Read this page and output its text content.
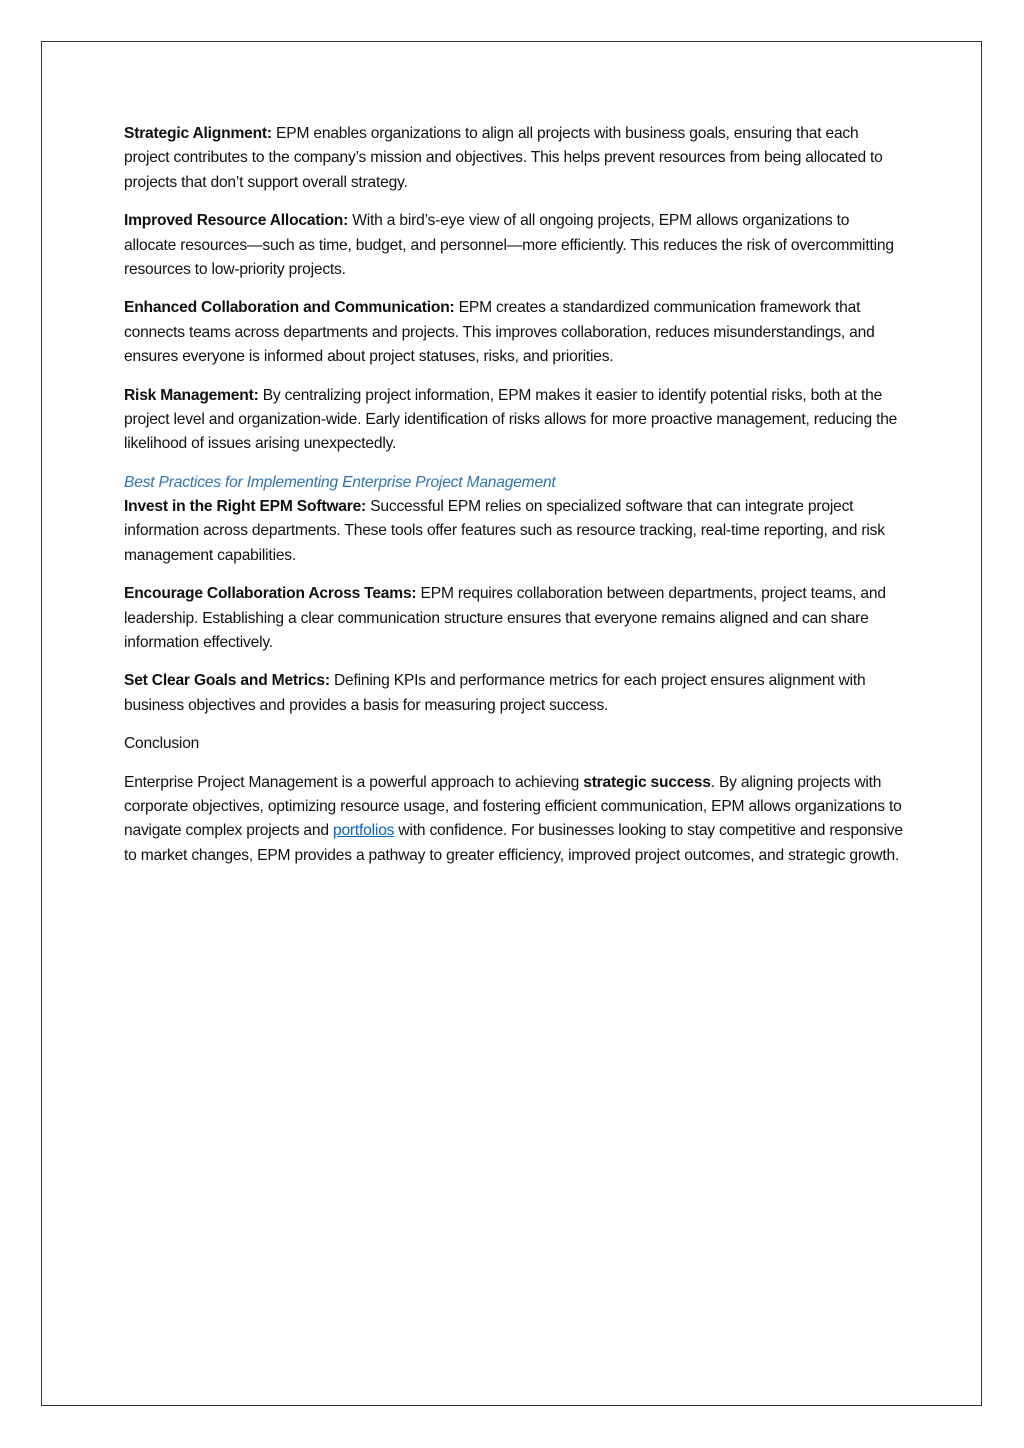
Strategic Alignment: EPM enables organizations to align all projects with business goals, ensuring that each project contributes to the company’s mission and objectives. This helps prevent resources from being allocated to projects that don’t support overall strategy.

Improved Resource Allocation: With a bird’s-eye view of all ongoing projects, EPM allows organizations to allocate resources—such as time, budget, and personnel—more efficiently. This reduces the risk of overcommitting resources to low-priority projects.

Enhanced Collaboration and Communication: EPM creates a standardized communication framework that connects teams across departments and projects. This improves collaboration, reduces misunderstandings, and ensures everyone is informed about project statuses, risks, and priorities.

Risk Management: By centralizing project information, EPM makes it easier to identify potential risks, both at the project level and organization-wide. Early identification of risks allows for more proactive management, reducing the likelihood of issues arising unexpectedly.

Best Practices for Implementing Enterprise Project Management

Invest in the Right EPM Software: Successful EPM relies on specialized software that can integrate project information across departments. These tools offer features such as resource tracking, real-time reporting, and risk management capabilities.

Encourage Collaboration Across Teams: EPM requires collaboration between departments, project teams, and leadership. Establishing a clear communication structure ensures that everyone remains aligned and can share information effectively.

Set Clear Goals and Metrics: Defining KPIs and performance metrics for each project ensures alignment with business objectives and provides a basis for measuring project success.

Conclusion

Enterprise Project Management is a powerful approach to achieving strategic success. By aligning projects with corporate objectives, optimizing resource usage, and fostering efficient communication, EPM allows organizations to navigate complex projects and portfolios with confidence. For businesses looking to stay competitive and responsive to market changes, EPM provides a pathway to greater efficiency, improved project outcomes, and strategic growth.
